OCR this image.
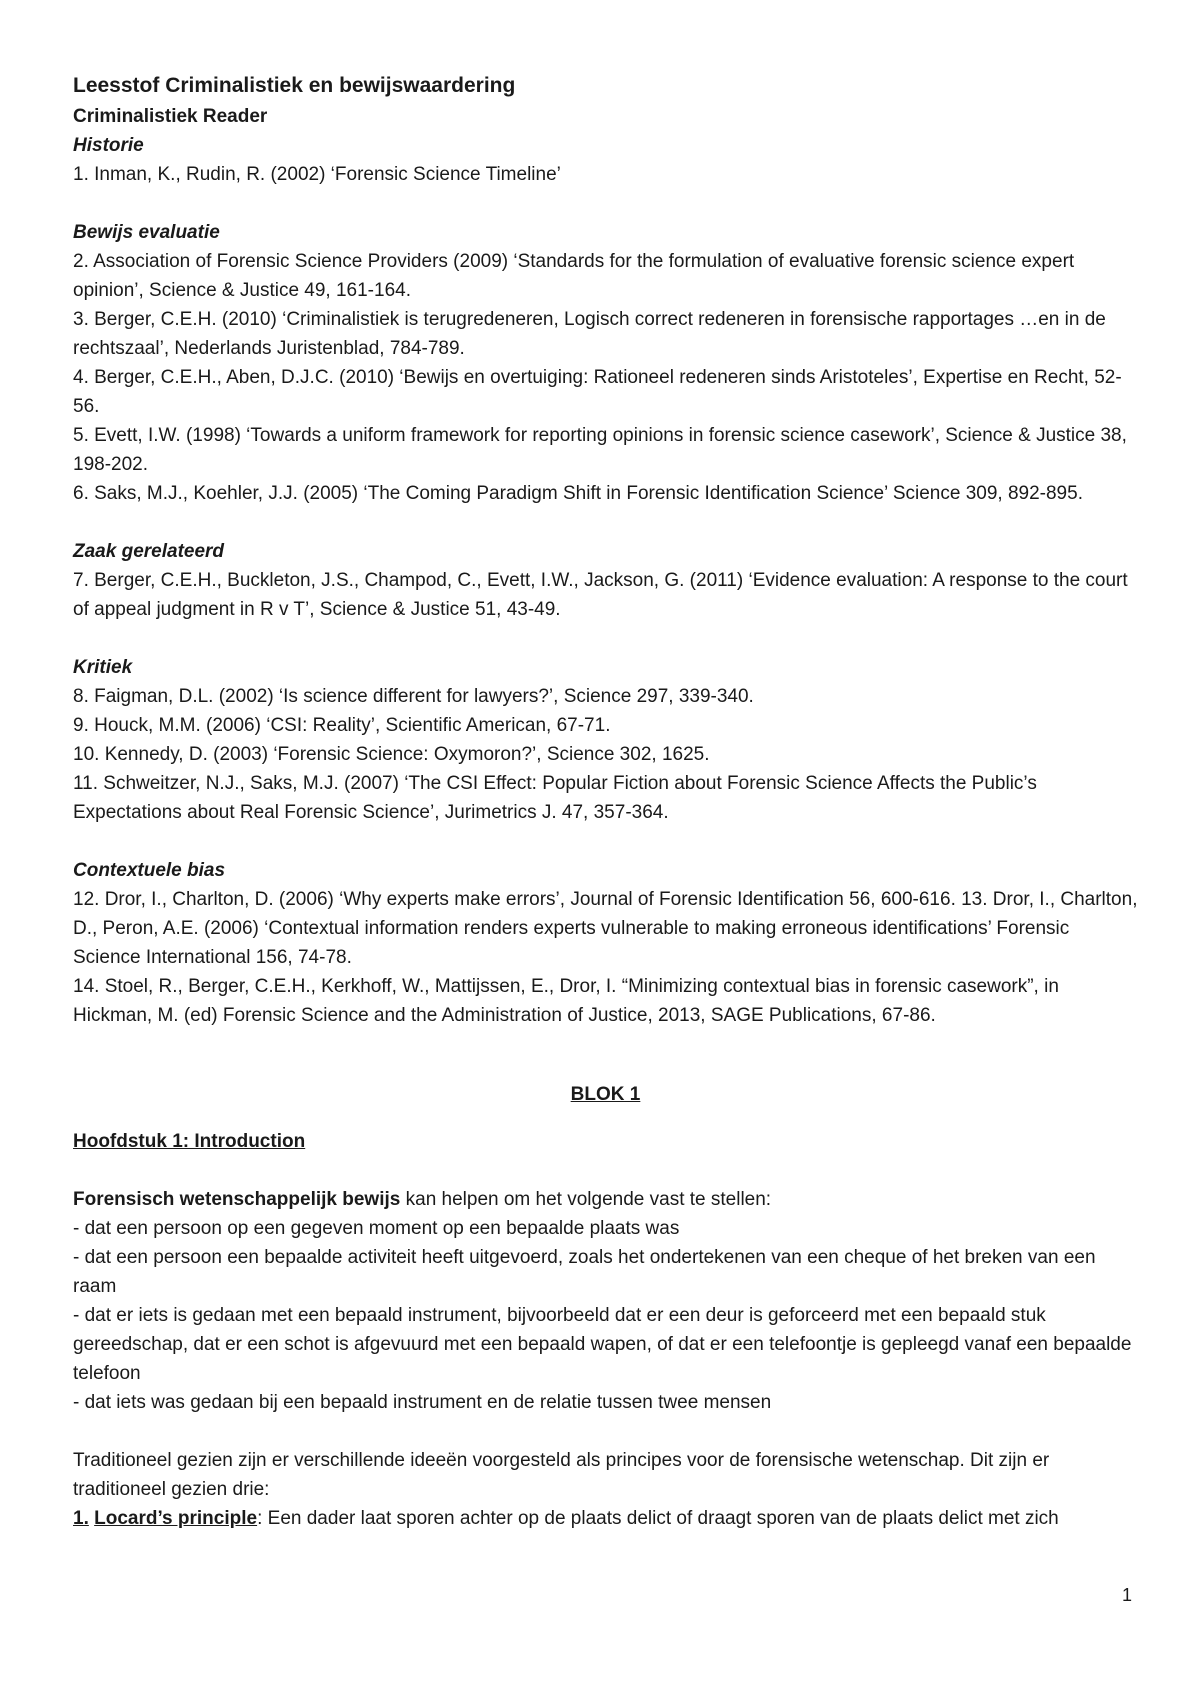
Leesstof Criminalistiek en bewijswaardering
Criminalistiek Reader
Historie
1. Inman, K., Rudin, R. (2002) ‘Forensic Science Timeline’
Bewijs evaluatie
2. Association of Forensic Science Providers (2009) ‘Standards for the formulation of evaluative forensic science expert opinion’, Science & Justice 49, 161-164.
3. Berger, C.E.H. (2010) ‘Criminalistiek is terugredeneren, Logisch correct redeneren in forensische rapportages …en in de rechtszaal’, Nederlands Juristenblad, 784-789.
4. Berger, C.E.H., Aben, D.J.C. (2010) ‘Bewijs en overtuiging: Rationeel redeneren sinds Aristoteles’, Expertise en Recht, 52-56.
5. Evett, I.W. (1998) ‘Towards a uniform framework for reporting opinions in forensic science casework’, Science & Justice 38, 198-202.
6. Saks, M.J., Koehler, J.J. (2005) ‘The Coming Paradigm Shift in Forensic Identification Science’ Science 309, 892-895.
Zaak gerelateerd
7. Berger, C.E.H., Buckleton, J.S., Champod, C., Evett, I.W., Jackson, G. (2011) ‘Evidence evaluation: A response to the court of appeal judgment in R v T’, Science & Justice 51, 43-49.
Kritiek
8. Faigman, D.L. (2002) ‘Is science different for lawyers?’, Science 297, 339-340.
9. Houck, M.M. (2006) ‘CSI: Reality’, Scientific American, 67-71.
10. Kennedy, D. (2003) ‘Forensic Science: Oxymoron?’, Science 302, 1625.
11. Schweitzer, N.J., Saks, M.J. (2007) ‘The CSI Effect: Popular Fiction about Forensic Science Affects the Public’s Expectations about Real Forensic Science’, Jurimetrics J. 47, 357-364.
Contextuele bias
12. Dror, I., Charlton, D. (2006) ‘Why experts make errors’, Journal of Forensic Identification 56, 600-616. 13. Dror, I., Charlton, D., Peron, A.E. (2006) ‘Contextual information renders experts vulnerable to making erroneous identifications’ Forensic Science International 156, 74-78.
14. Stoel, R., Berger, C.E.H., Kerkhoff, W., Mattijssen, E., Dror, I. “Minimizing contextual bias in forensic casework”, in Hickman, M. (ed) Forensic Science and the Administration of Justice, 2013, SAGE Publications, 67-86.
BLOK 1
Hoofdstuk 1: Introduction
Forensisch wetenschappelijk bewijs kan helpen om het volgende vast te stellen:
- dat een persoon op een gegeven moment op een bepaalde plaats was
- dat een persoon een bepaalde activiteit heeft uitgevoerd, zoals het ondertekenen van een cheque of het breken van een raam
- dat er iets is gedaan met een bepaald instrument, bijvoorbeeld dat er een deur is geforceerd met een bepaald stuk gereedschap, dat er een schot is afgevuurd met een bepaald wapen, of dat er een telefoontje is gepleegd vanaf een bepaalde telefoon
- dat iets was gedaan bij een bepaald instrument en de relatie tussen twee mensen
Traditioneel gezien zijn er verschillende ideeën voorgesteld als principes voor de forensische wetenschap. Dit zijn er traditioneel gezien drie:
1. Locard’s principle: Een dader laat sporen achter op de plaats delict of draagt sporen van de plaats delict met zich
1
